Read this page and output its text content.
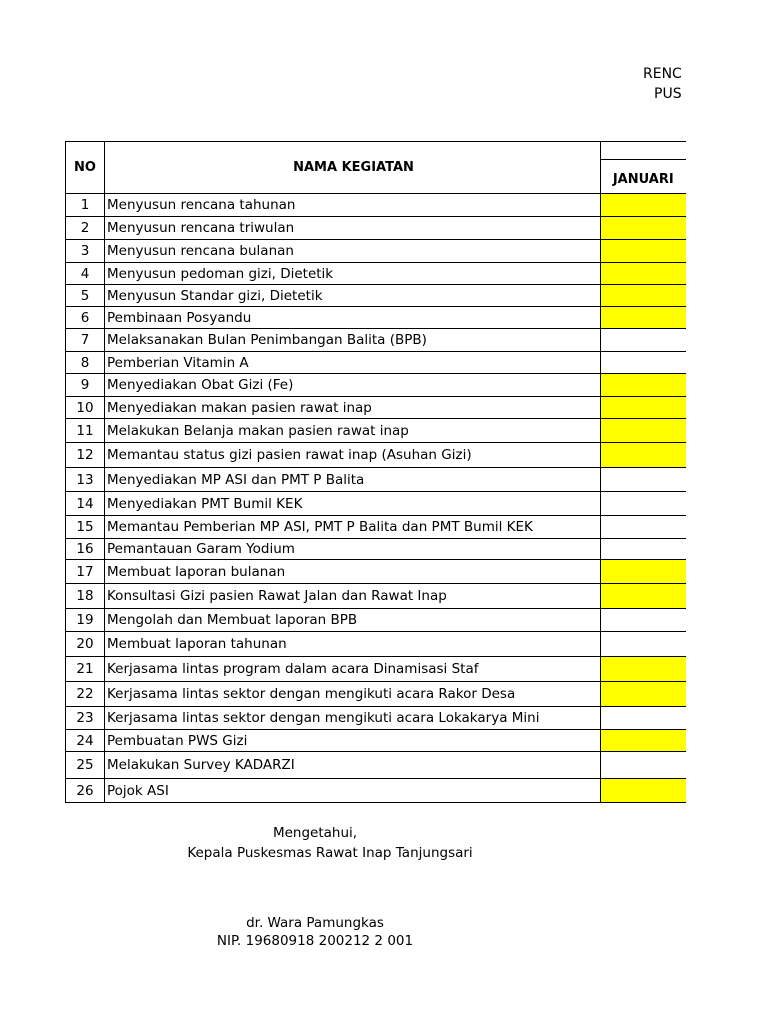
RENC
PUS
NO	NAMA KEGIATAN	
		JANUARI
1	Menyusun rencana tahunan	
2	Menyusun rencana triwulan	
3	Menyusun rencana bulanan	
4	Menyusun pedoman gizi, Dietetik	
5	Menyusun Standar gizi, Dietetik	
6	Pembinaan Posyandu	
7	Melaksanakan Bulan Penimbangan Balita (BPB)	
8	Pemberian Vitamin A	
9	Menyediakan Obat Gizi (Fe)	
10	Menyediakan makan pasien rawat inap	
11	Melakukan Belanja makan pasien rawat inap	
12	Memantau status gizi pasien rawat inap (Asuhan Gizi)	
13	Menyediakan MP ASI dan PMT P Balita	
14	Menyediakan PMT Bumil KEK	
15	Memantau Pemberian MP ASI, PMT P Balita dan PMT Bumil KEK	
16	Pemantauan Garam Yodium	
17	Membuat laporan bulanan	
18	Konsultasi Gizi pasien Rawat Jalan dan Rawat Inap	
19	Mengolah dan Membuat laporan BPB	
20	Membuat laporan tahunan	
21	Kerjasama lintas program dalam acara Dinamisasi Staf	
22	Kerjasama lintas sektor dengan mengikuti acara Rakor Desa	
23	Kerjasama lintas sektor dengan mengikuti acara Lokakarya Mini	
24	Pembuatan PWS Gizi	
25	Melakukan Survey KADARZI	
26	Pojok ASI	
Mengetahui,
Kepala Puskesmas Rawat Inap Tanjungsari
dr. Wara Pamungkas
NIP. 19680918 200212 2 001
